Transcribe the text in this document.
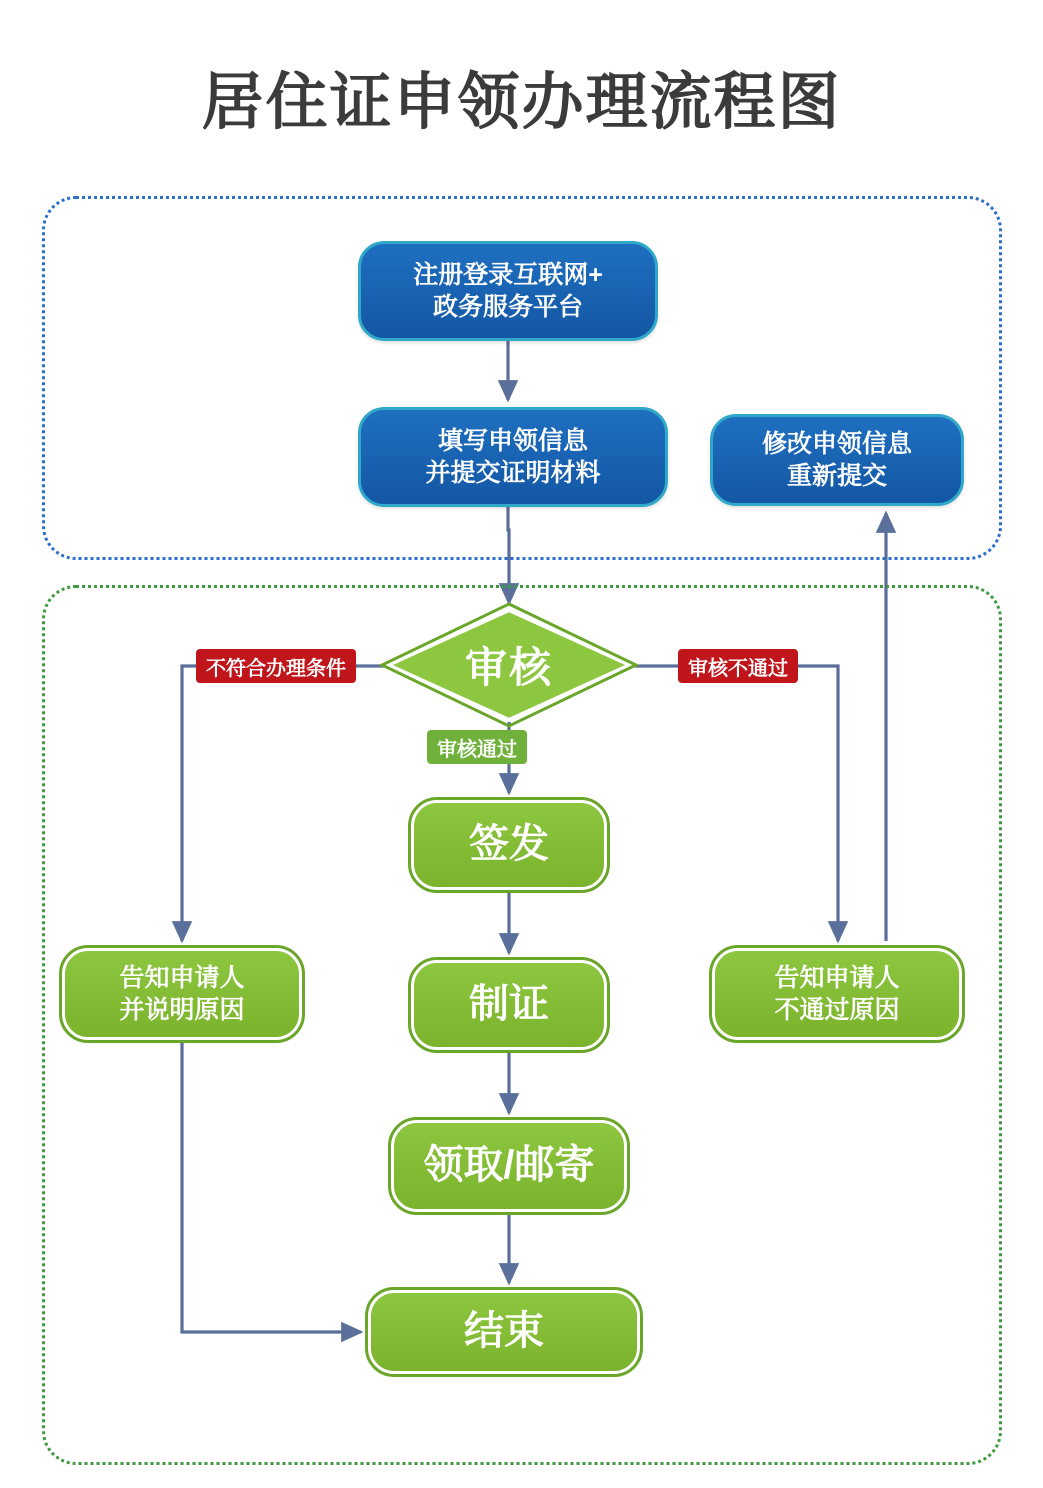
居住证申领办理流程图
注册登录互联网+
政务服务平台
填写申领信息
并提交证明材料
修改申领信息
重新提交
审核
签发
制证
领取/邮寄
结束
告知申请人
并说明原因
告知申请人
不通过原因
不符合办理条件	审核不通过
审核通过
